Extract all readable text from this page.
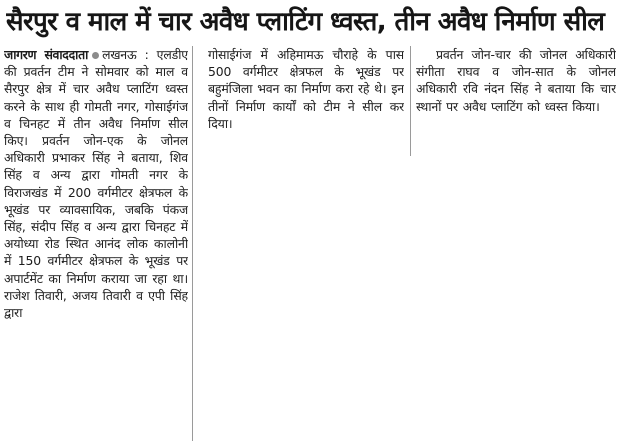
सैरपुर व माल में चार अवैध प्लाटिंग ध्वस्त, तीन अवैध निर्माण सील

जागरण संवाददाता लखनऊ : एलडीए की प्रवर्तन टीम ने सोमवार को माल व सैरपुर क्षेत्र में चार अवैध प्लाटिंग ध्वस्त करने के साथ ही गोमती नगर, गोसाईगंज व चिनहट में तीन अवैध निर्माण सील किए। प्रवर्तन जोन-एक के जोनल अधिकारी प्रभाकर सिंह ने बताया, शिव सिंह व अन्य द्वारा गोमती नगर के विराजखंड में 200 वर्गमीटर क्षेत्रफल के भूखंड पर व्यावसायिक, जबकि पंकज सिंह, संदीप सिंह व अन्य द्वारा चिनहट में अयोध्या रोड स्थित आनंद लोक कालोनी में 150 वर्गमीटर क्षेत्रफल के भूखंड पर अपार्टमेंट का निर्माण कराया जा रहा था। राजेश तिवारी, अजय तिवारी व एपी सिंह द्वारा

गोसाईगंज में अहिमामऊ चौराहे के पास 500 वर्गमीटर क्षेत्रफल के भूखंड पर बहुमंजिला भवन का निर्माण करा रहे थे। इन तीनों निर्माण कार्यों को टीम ने सील कर दिया।

प्रवर्तन जोन-चार की जोनल अधिकारी संगीता राघव व जोन-सात के जोनल अधिकारी रवि नंदन सिंह ने बताया कि चार स्थानों पर अवैध प्लाटिंग को ध्वस्त किया।
